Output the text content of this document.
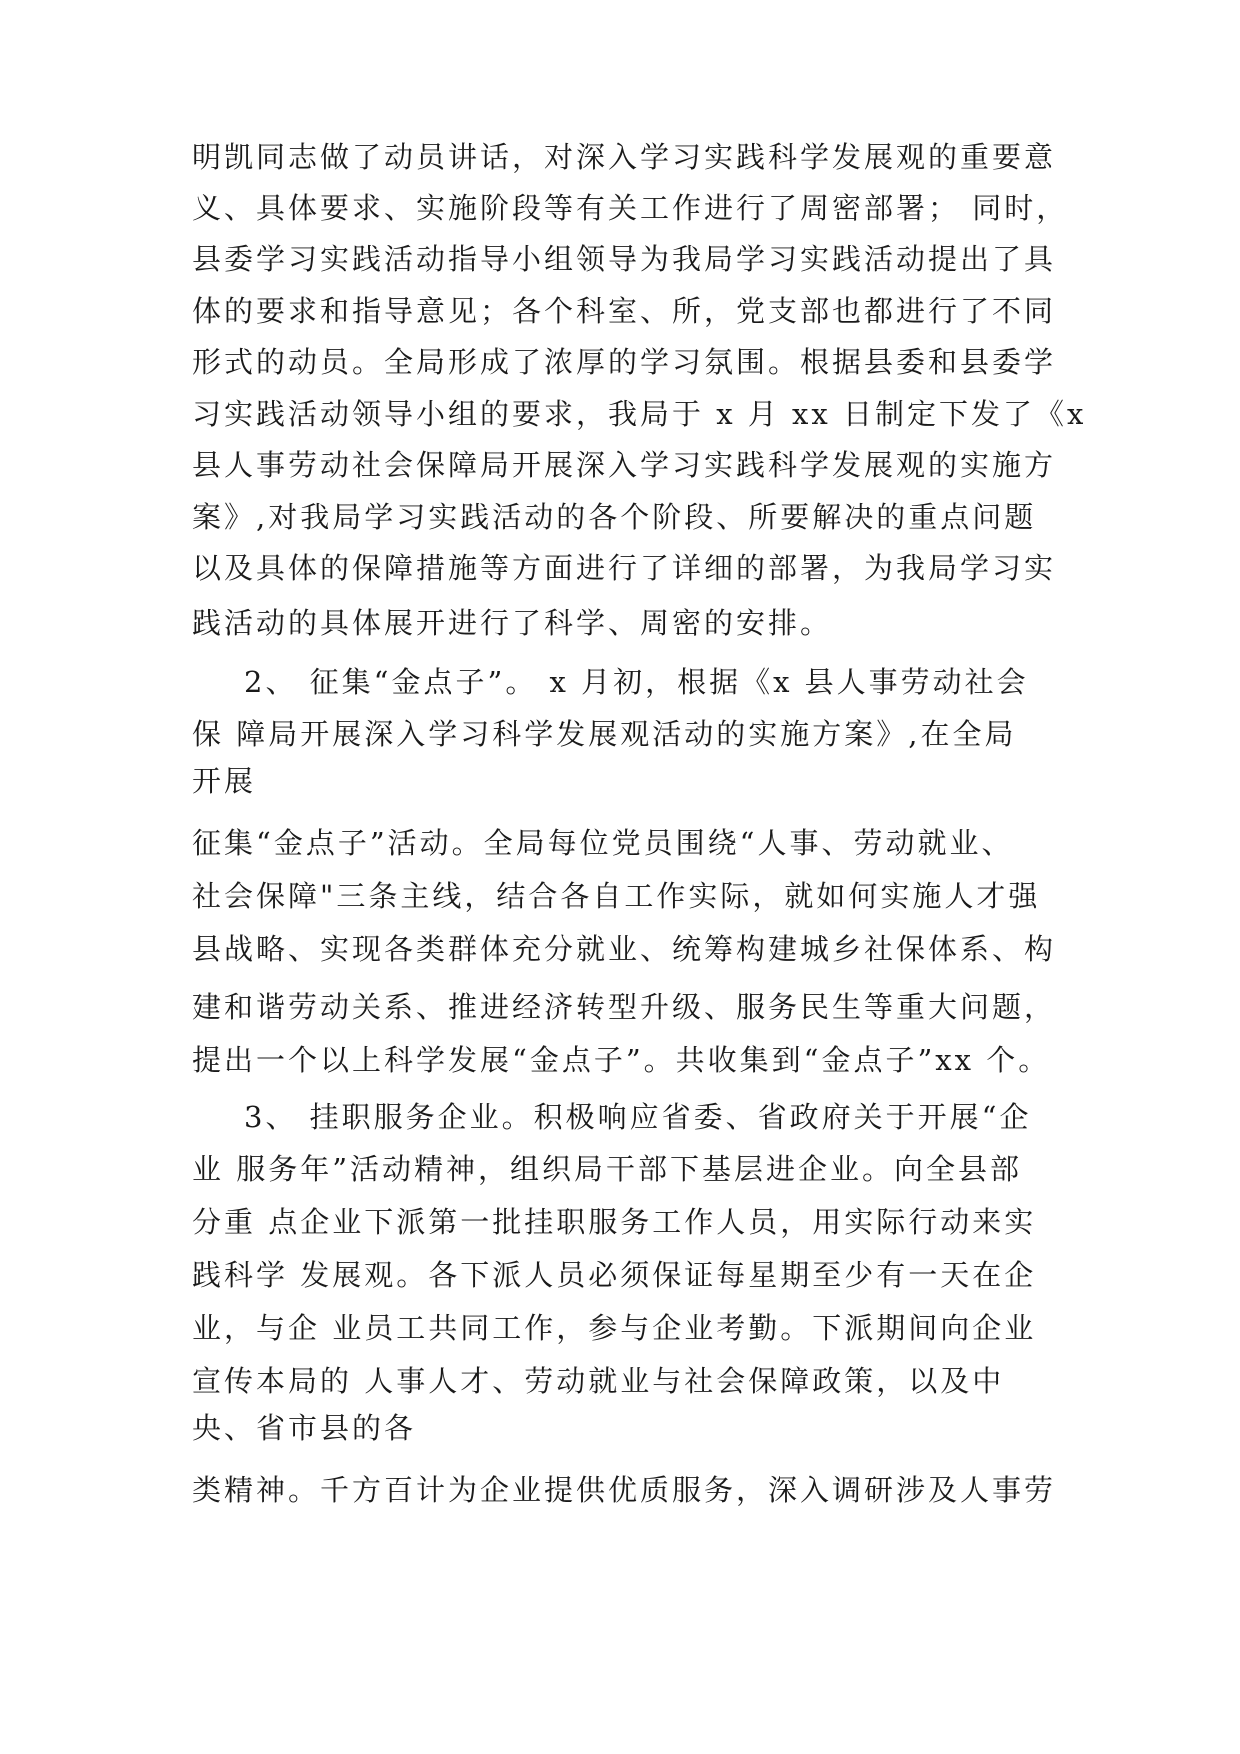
明凯同志做了动员讲话，对深入学习实践科学发展观的重要意

义、具体要求、实施阶段等有关工作进行了周密部署； 同时，

县委学习实践活动指导小组领导为我局学习实践活动提出了具

体的要求和指导意见；各个科室、所，党支部也都进行了不同

形式的动员。全局形成了浓厚的学习氛围。根据县委和县委学

习实践活动领导小组的要求，我局于 x 月 xx 日制定下发了《x

县人事劳动社会保障局开展深入学习实践科学发展观的实施方

案》,对我局学习实践活动的各个阶段、所要解决的重点问题

以及具体的保障措施等方面进行了详细的部署，为我局学习实

践活动的具体展开进行了科学、周密的安排。

2、 征集“金点子”。 x 月初，根据《x 县人事劳动社会

保 障局开展深入学习科学发展观活动的实施方案》,在全局

开展

征集“金点子”活动。全局每位党员围绕“人事、劳动就业、

社会保障"三条主线，结合各自工作实际，就如何实施人才强

县战略、实现各类群体充分就业、统筹构建城乡社保体系、构

建和谐劳动关系、推进经济转型升级、服务民生等重大问题，

提出一个以上科学发展“金点子”。共收集到“金点子”xx 个。

3、 挂职服务企业。积极响应省委、省政府关于开展“企

业 服务年”活动精神，组织局干部下基层进企业。向全县部

分重 点企业下派第一批挂职服务工作人员，用实际行动来实

践科学 发展观。各下派人员必须保证每星期至少有一天在企

业，与企 业员工共同工作，参与企业考勤。下派期间向企业

宣传本局的 人事人才、劳动就业与社会保障政策，以及中

央、省市县的各

类精神。千方百计为企业提供优质服务，深入调研涉及人事劳
